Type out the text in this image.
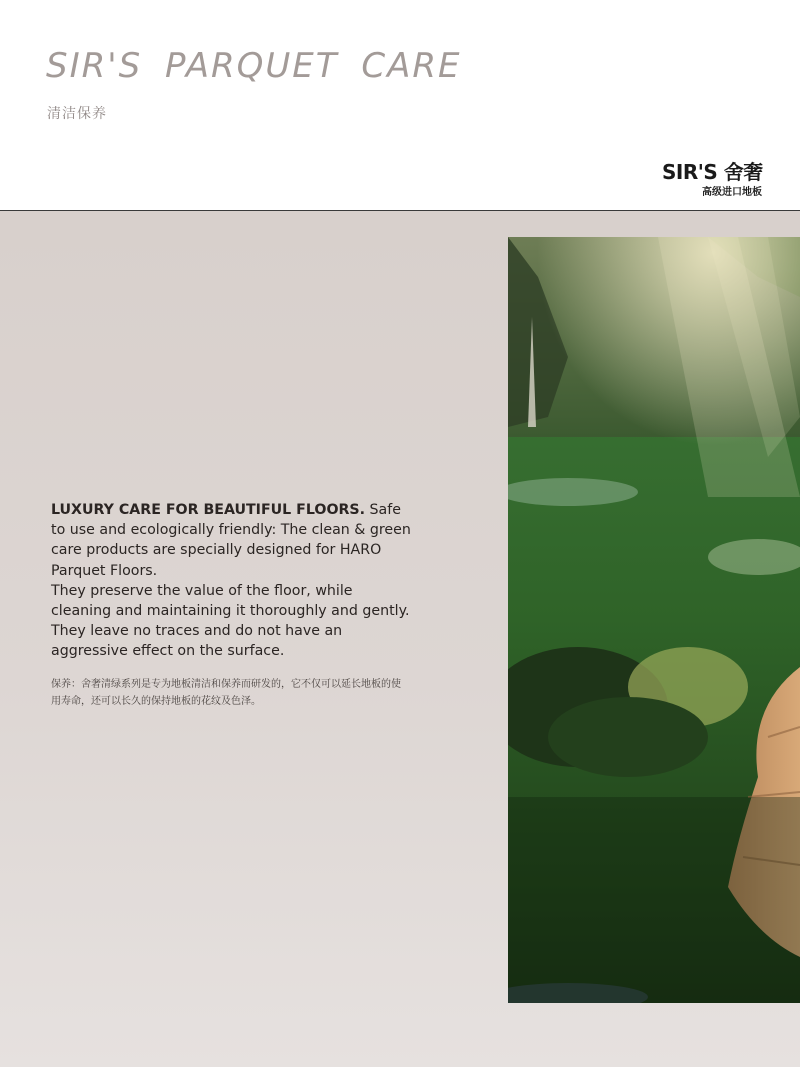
SIR'S PARQUET CARE
清洁保养
SIR'S 舍奢
高级进口地板

LUXURY CARE FOR BEAUTIFUL FLOORS. Safe to use and ecologically friendly: The clean & green care products are specially designed for HARO Parquet Floors.

They preserve the value of the floor, while cleaning and maintaining it thoroughly and gently. They leave no traces and do not have an aggressive effect on the surface.

保养：舍奢清绿系列是专为地板清洁和保养而研发的，它不仅可以延长地板的使用寿命，还可以长久的保持地板的花纹及色泽。
